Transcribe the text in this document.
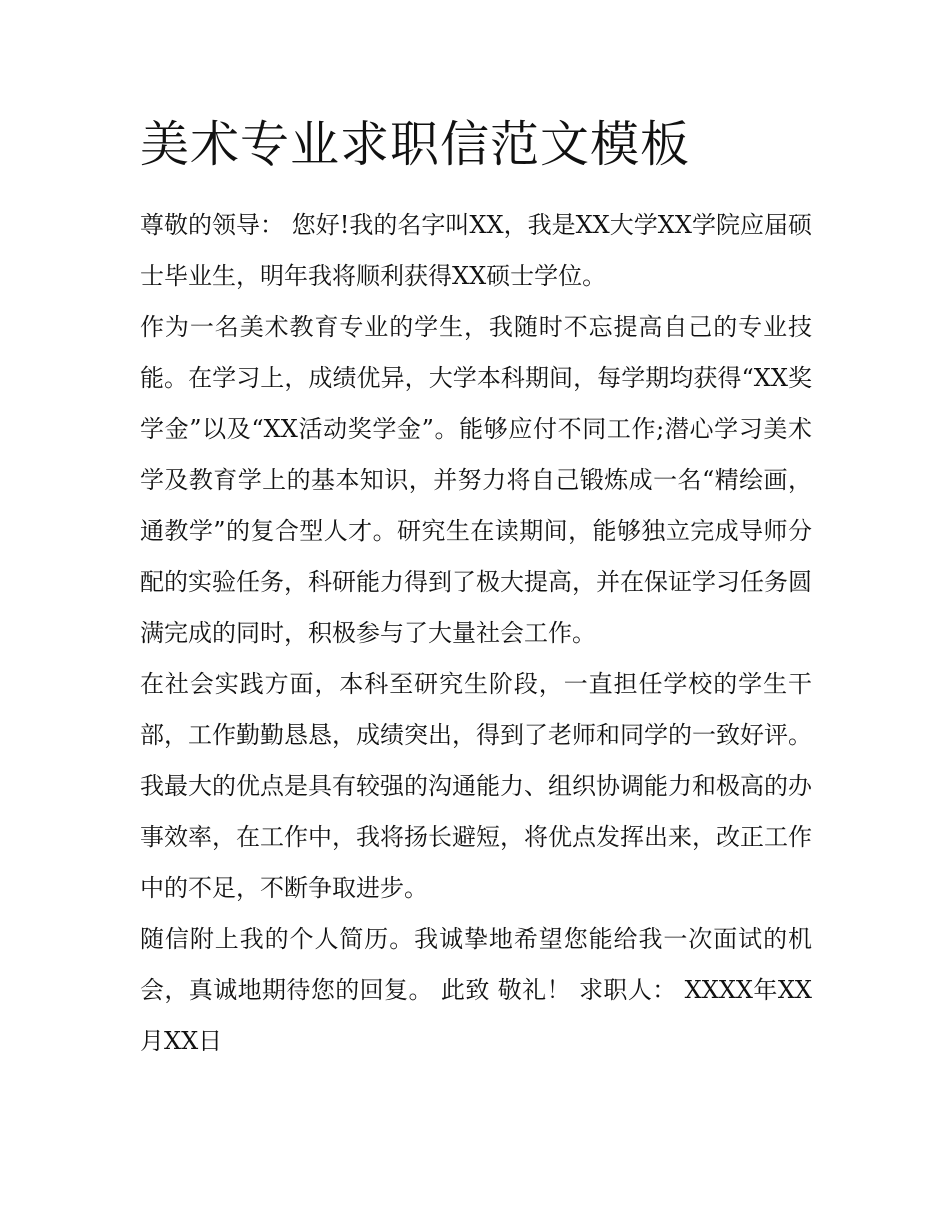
美术专业求职信范文模板

尊敬的领导： 您好!我的名字叫XX，我是XX大学XX学院应届硕士毕业生，明年我将顺利获得XX硕士学位。

作为一名美术教育专业的学生，我随时不忘提高自己的专业技能。在学习上，成绩优异，大学本科期间，每学期均获得“XX奖学金”以及“XX活动奖学金”。能够应付不同工作;潜心学习美术学及教育学上的基本知识，并努力将自己锻炼成一名“精绘画，通教学”的复合型人才。研究生在读期间，能够独立完成导师分配的实验任务，科研能力得到了极大提高，并在保证学习任务圆满完成的同时，积极参与了大量社会工作。

在社会实践方面，本科至研究生阶段，一直担任学校的学生干部，工作勤勤恳恳，成绩突出，得到了老师和同学的一致好评。

我最大的优点是具有较强的沟通能力、组织协调能力和极高的办事效率，在工作中，我将扬长避短，将优点发挥出来，改正工作中的不足，不断争取进步。

随信附上我的个人简历。我诚挚地希望您能给我一次面试的机会，真诚地期待您的回复。 此致 敬礼！ 求职人： XXXX年XX月XX日
